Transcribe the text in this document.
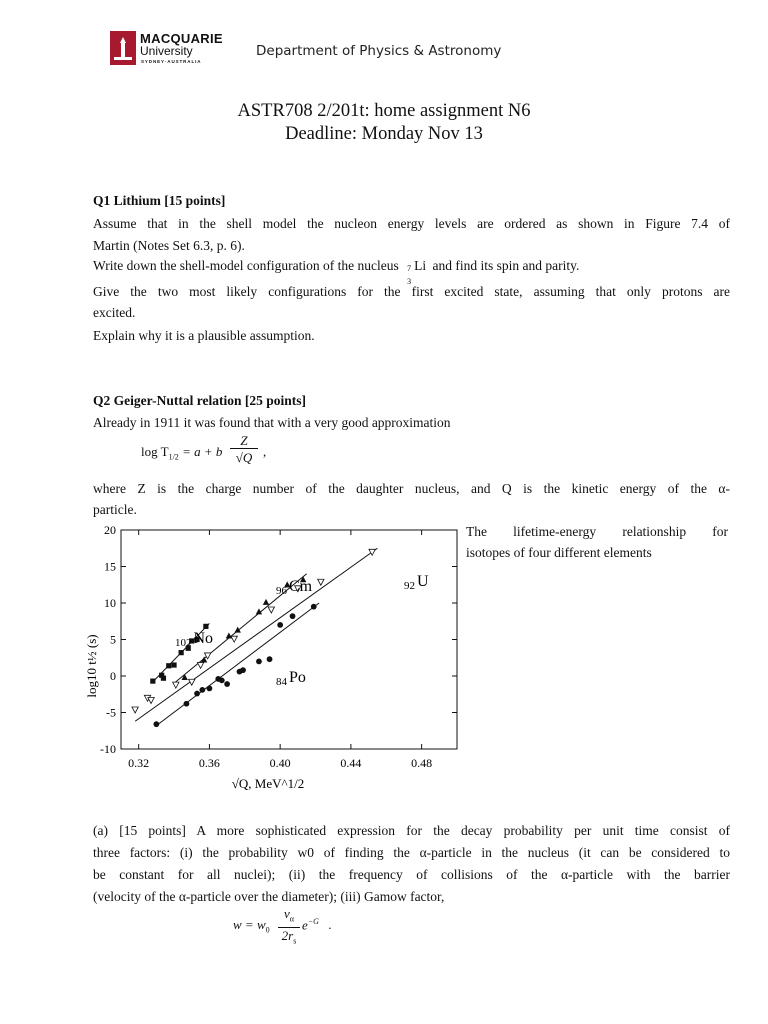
MACQUARIE
University
SYDNEY·AUSTRALIA
Department of Physics & Astronomy
ASTR708 2/201t: home assignment N6
Deadline: Monday Nov 13
Q1 Lithium [15 points]
Assume that in the shell model the nucleon energy levels are ordered as shown in Figure 7.4 of
Martin (Notes Set 6.3, p. 6).
Write down the shell-model configuration of the nucleus 7
3
Li and find its spin and parity.
Give the two most likely configurations for the first excited state, assuming that only protons are
excited.
Explain why it is a plausible assumption.
Q2 Geiger-Nuttal relation [25 points]
Already in 1911 it was found that with a very good approximation
$\log T_{1/2} = a + b$
Z
√Q ,
where Z is the charge number of the daughter nucleus, and Q is the kinetic energy of the α-
particle.
20
15
10
5
0
-5
-10
0.32	0.36	0.40	0.44	0.48
102 No
96 Cm	92 U
84 Po
log10 t½ (s)
√Q, MeV^1/2
The lifetime-energy relationship for
isotopes of four different elements
(a) [15 points] A more sophisticated expression for the decay probability per unit time consist of
three factors: (i) the probability w0 of finding the α-particle in the nucleus (it can be considered to
be constant for all nuclei); (ii) the frequency of collisions of the α-particle with the barrier
(velocity of the α-particle over the diameter); (iii) Gamow factor,
$w = w_0$
$v_\alpha$
$2r_s$
$e^{-G}$ .
